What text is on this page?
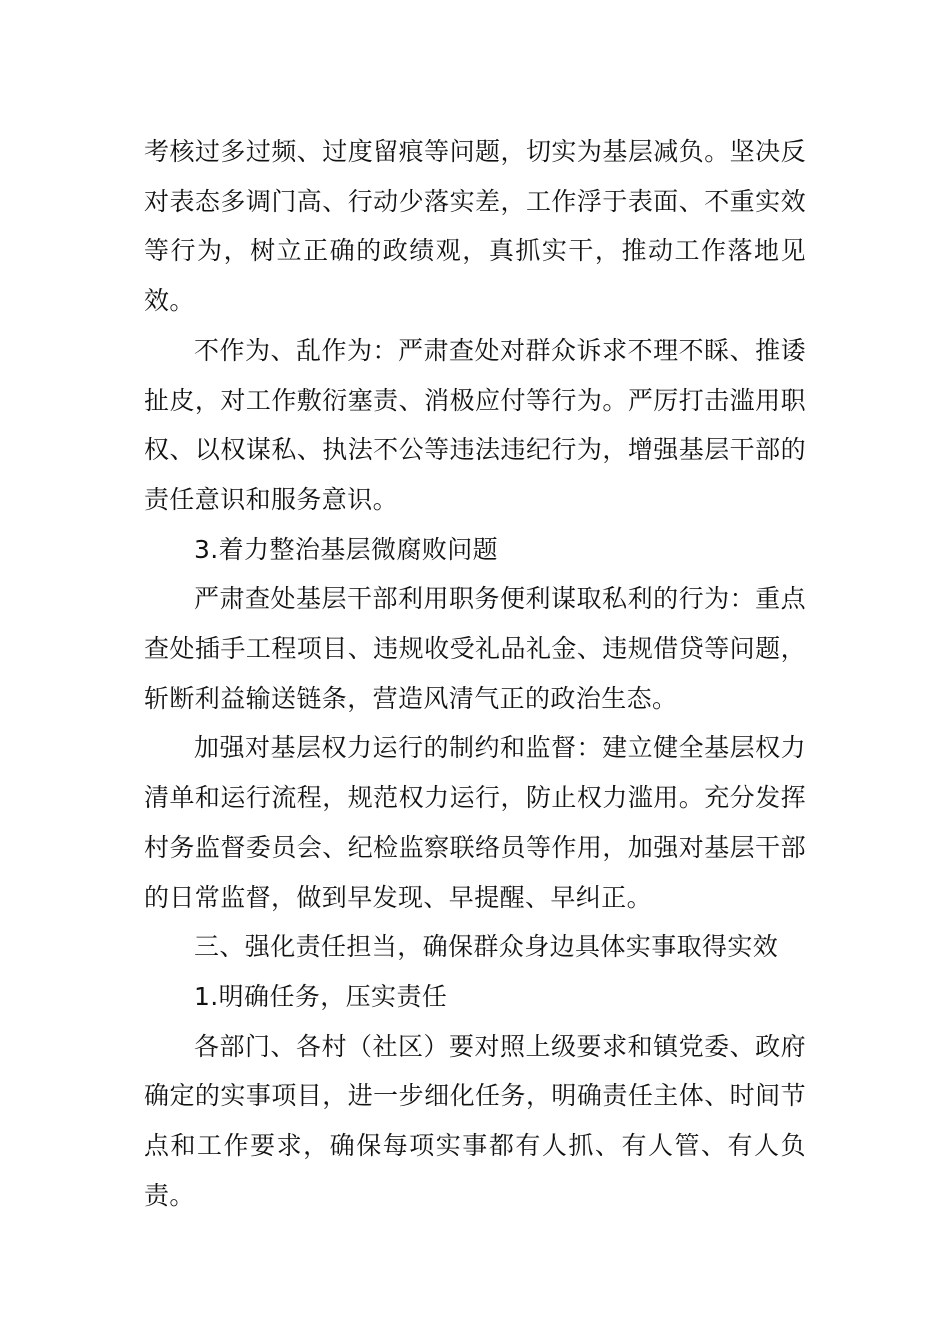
考核过多过频、过度留痕等问题，切实为基层减负。坚决反对表态多调门高、行动少落实差，工作浮于表面、不重实效等行为，树立正确的政绩观，真抓实干，推动工作落地见效。

不作为、乱作为：严肃查处对群众诉求不理不睬、推诿扯皮，对工作敷衍塞责、消极应付等行为。严厉打击滥用职权、以权谋私、执法不公等违法违纪行为，增强基层干部的责任意识和服务意识。

3.着力整治基层微腐败问题

严肃查处基层干部利用职务便利谋取私利的行为：重点查处插手工程项目、违规收受礼品礼金、违规借贷等问题，斩断利益输送链条，营造风清气正的政治生态。

加强对基层权力运行的制约和监督：建立健全基层权力清单和运行流程，规范权力运行，防止权力滥用。充分发挥村务监督委员会、纪检监察联络员等作用，加强对基层干部的日常监督，做到早发现、早提醒、早纠正。

三、强化责任担当，确保群众身边具体实事取得实效

1.明确任务，压实责任

各部门、各村（社区）要对照上级要求和镇党委、政府确定的实事项目，进一步细化任务，明确责任主体、时间节点和工作要求，确保每项实事都有人抓、有人管、有人负责。
